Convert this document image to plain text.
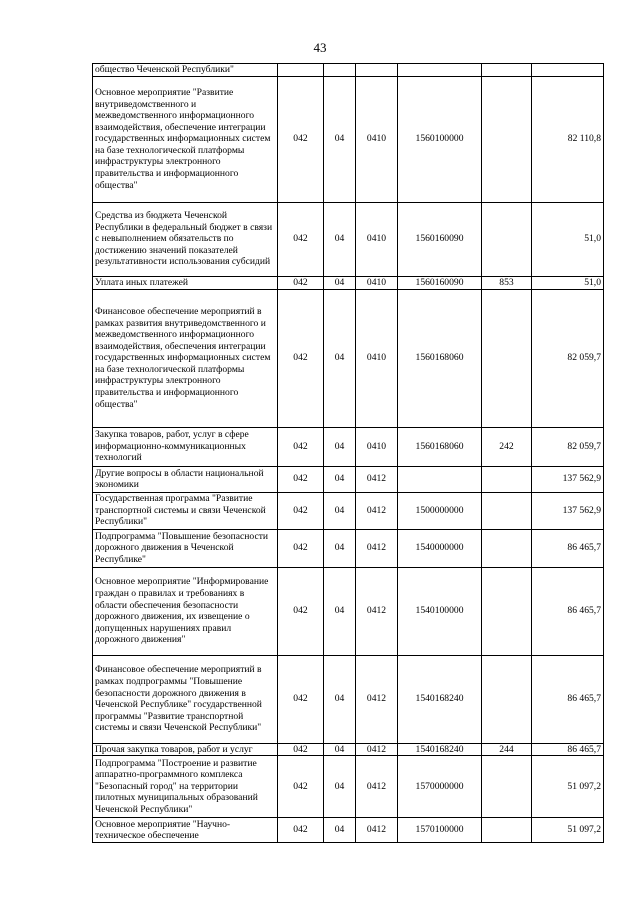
43
общество Чеченской Республики"						
Основное мероприятие "Развитие внутриведомственного и межведомственного информационного взаимодействия, обеспечение интеграции государственных информационных систем на базе технологической платформы инфраструктуры электронного правительства и информационного общества"	042	04	0410	1560100000		82 110,8
Средства из бюджета Чеченской Республики в федеральный бюджет в связи с невыполнением обязательств по достижению значений показателей результативности использования субсидий	042	04	0410	1560160090		51,0
Уплата иных платежей	042	04	0410	1560160090	853	51,0
Финансовое обеспечение мероприятий в рамках развития внутриведомственного и межведомственного информационного взаимодействия, обеспечения интеграции государственных информационных систем на базе технологической платформы инфраструктуры электронного правительства и информационного общества"	042	04	0410	1560168060		82 059,7
Закупка товаров, работ, услуг в сфере информационно-коммуникационных технологий	042	04	0410	1560168060	242	82 059,7
Другие вопросы в области национальной экономики	042	04	0412			137 562,9
Государственная программа "Развитие транспортной системы и связи Чеченской Республики"	042	04	0412	1500000000		137 562,9
Подпрограмма "Повышение безопасности дорожного движения в Чеченской Республике"	042	04	0412	1540000000		86 465,7
Основное мероприятие "Информирование граждан о правилах и требованиях в области обеспечения безопасности дорожного движения, их извещение о допущенных нарушениях правил дорожного движения"	042	04	0412	1540100000		86 465,7
Финансовое обеспечение мероприятий в рамках подпрограммы "Повышение безопасности дорожного движения в Чеченской Республике" государственной программы "Развитие транспортной системы и связи Чеченской Республики"	042	04	0412	1540168240		86 465,7
Прочая закупка товаров, работ и услуг	042	04	0412	1540168240	244	86 465,7
Подпрограмма "Построение и развитие аппаратно-программного комплекса "Безопасный город" на территории пилотных муниципальных образований Чеченской Республики"	042	04	0412	1570000000		51 097,2
Основное мероприятие "Научно-техническое обеспечение	042	04	0412	1570100000		51 097,2
